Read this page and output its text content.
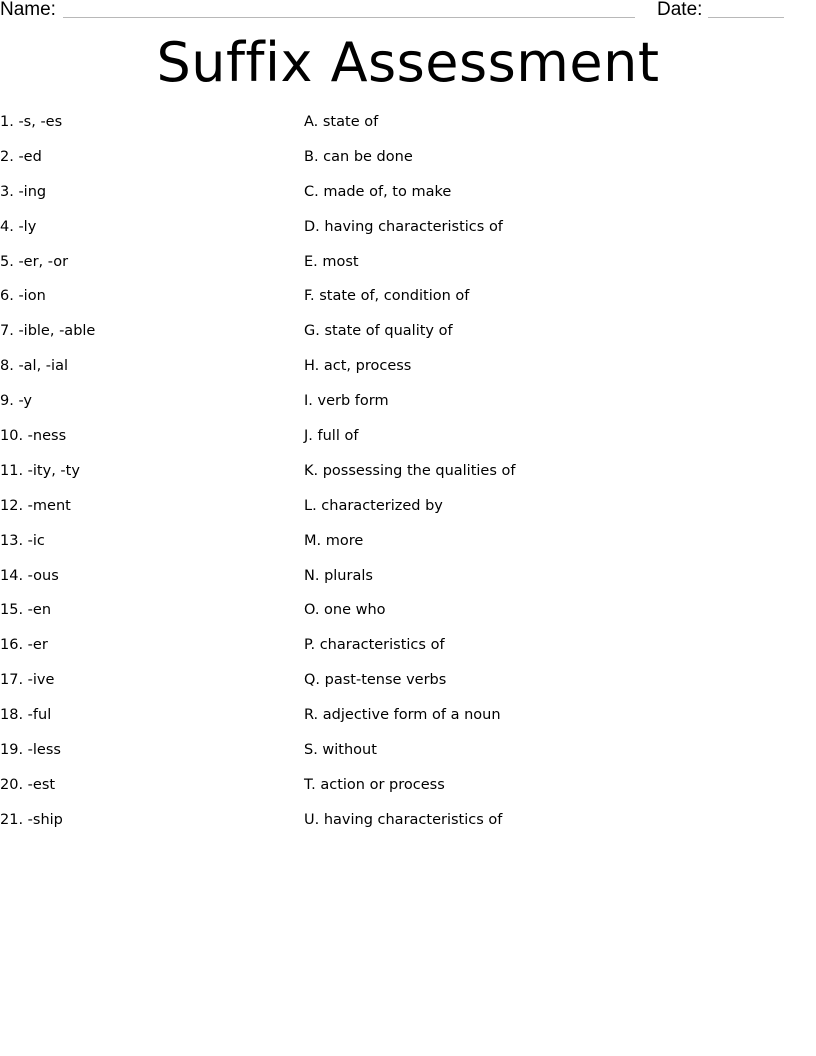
Name:	Date:
Suffix Assessment
1. -s, -es
2. -ed
3. -ing
4. -ly
5. -er, -or
6. -ion
7. -ible, -able
8. -al, -ial
9. -y
10. -ness
11. -ity, -ty
12. -ment
13. -ic
14. -ous
15. -en
16. -er
17. -ive
18. -ful
19. -less
20. -est
21. -ship
A. state of
B. can be done
C. made of, to make
D. having characteristics of
E. most
F. state of, condition of
G. state of quality of
H. act, process
I. verb form
J. full of
K. possessing the qualities of
L. characterized by
M. more
N. plurals
O. one who
P. characteristics of
Q. past-tense verbs
R. adjective form of a noun
S. without
T. action or process
U. having characteristics of
